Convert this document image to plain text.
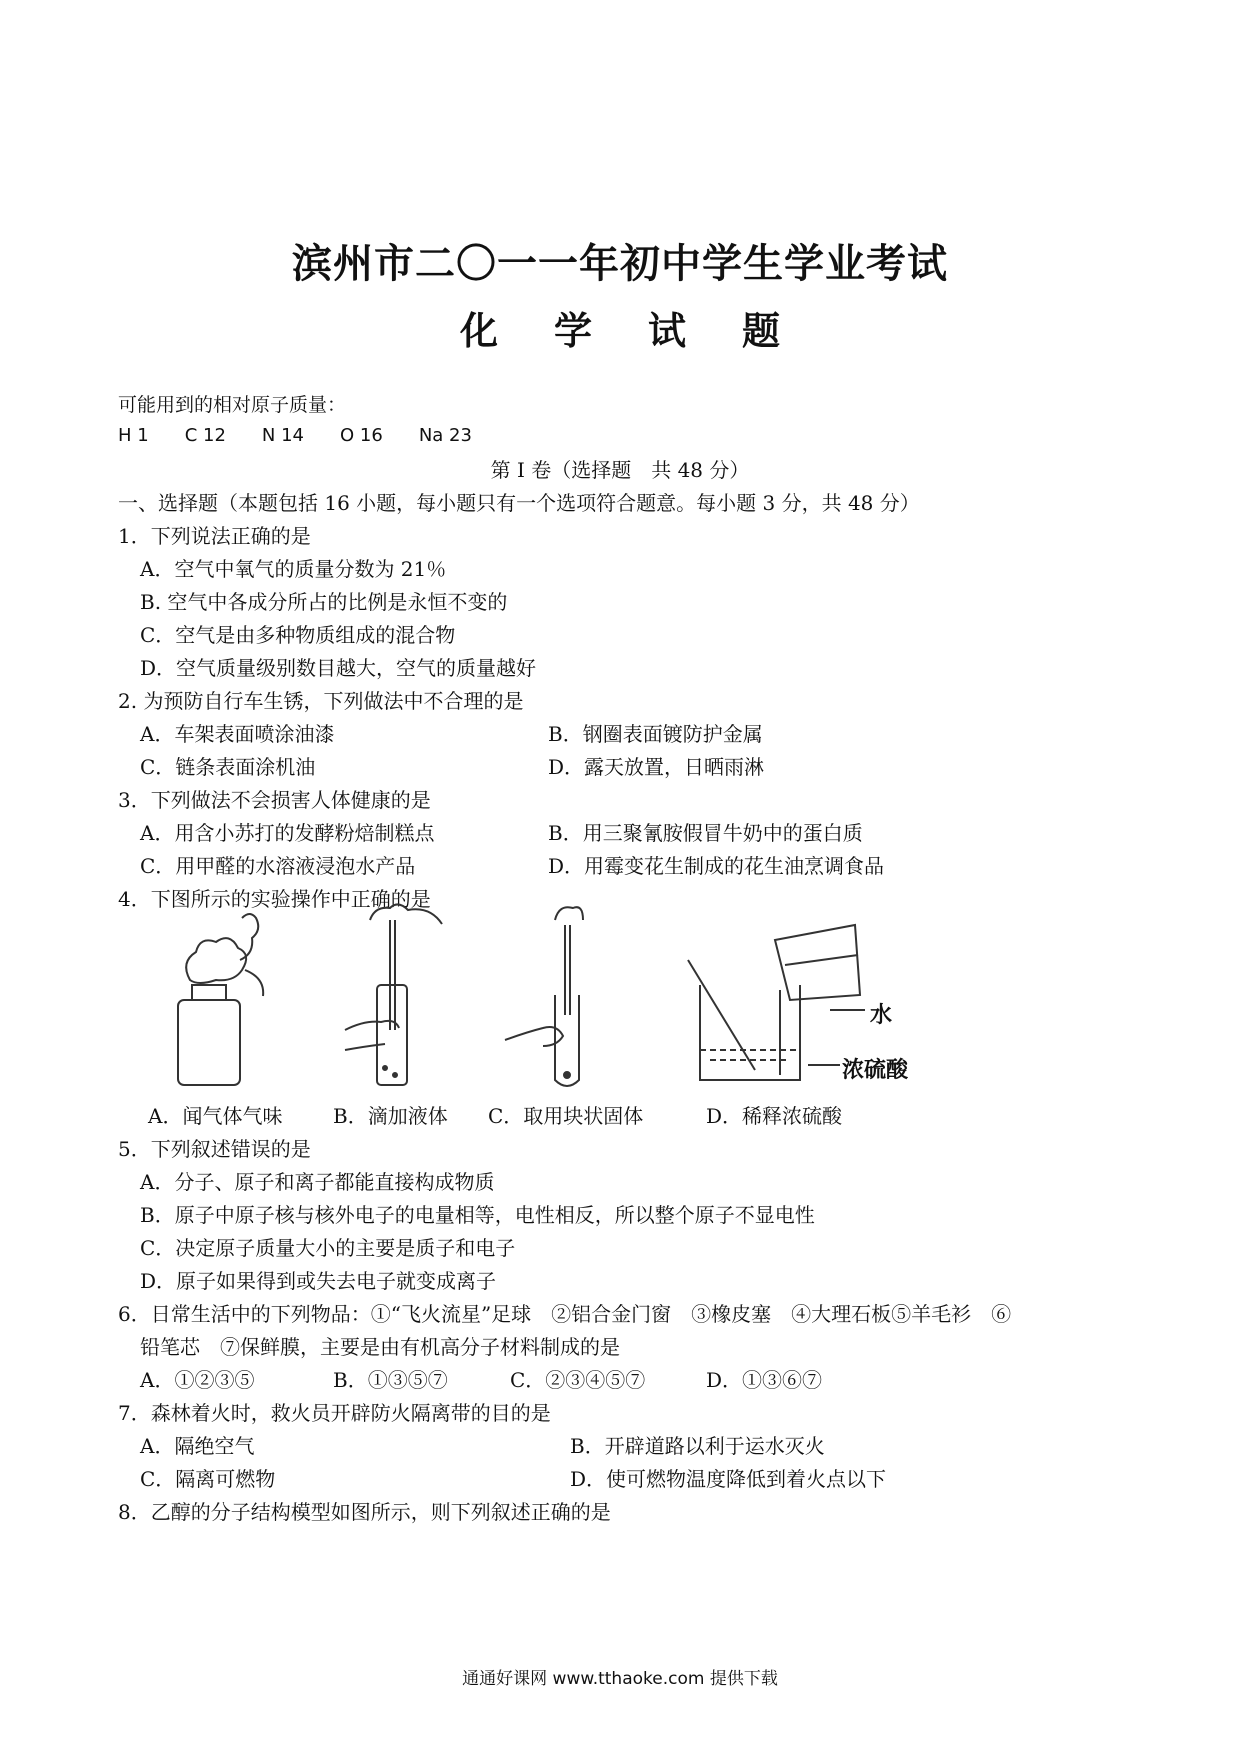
滨州市二〇一一年初中学生学业考试
化 学 试 题
可能用到的相对原子质量：
H 1 C 12 N 14 O 16 Na 23
第 I 卷（选择题　共 48 分）
一、选择题（本题包括 16 小题，每小题只有一个选项符合题意。每小题 3 分，共 48 分）
1．下列说法正确的是
A．空气中氧气的质量分数为 21％
B. 空气中各成分所占的比例是永恒不变的
C．空气是由多种物质组成的混合物
D．空气质量级别数目越大，空气的质量越好
2. 为预防自行车生锈，下列做法中不合理的是
A．车架表面喷涂油漆	B．钢圈表面镀防护金属
C．链条表面涂机油	D．露天放置，日晒雨淋
3．下列做法不会损害人体健康的是
A．用含小苏打的发酵粉焙制糕点	B．用三聚氰胺假冒牛奶中的蛋白质
C．用甲醛的水溶液浸泡水产品	D．用霉变花生制成的花生油烹调食品
4．下图所示的实验操作中正确的是
水
浓硫酸
A．闻气体气味	B．滴加液体 C．取用块状固体	D．稀释浓硫酸
5．下列叙述错误的是
A．分子、原子和离子都能直接构成物质
B．原子中原子核与核外电子的电量相等，电性相反，所以整个原子不显电性
C．决定原子质量大小的主要是质子和电子
D．原子如果得到或失去电子就变成离子
6．日常生活中的下列物品：①“飞火流星”足球　②铝合金门窗　③橡皮塞　④大理石板⑤羊毛衫　⑥
铅笔芯　⑦保鲜膜，主要是由有机高分子材料制成的是
A．①②③⑤	B．①③⑤⑦	C．②③④⑤⑦	D．①③⑥⑦
7．森林着火时，救火员开辟防火隔离带的目的是
A．隔绝空气	B．开辟道路以利于运水灭火
C．隔离可燃物	D．使可燃物温度降低到着火点以下
8．乙醇的分子结构模型如图所示，则下列叙述正确的是
通通好课网 www.tthaoke.com 提供下载
